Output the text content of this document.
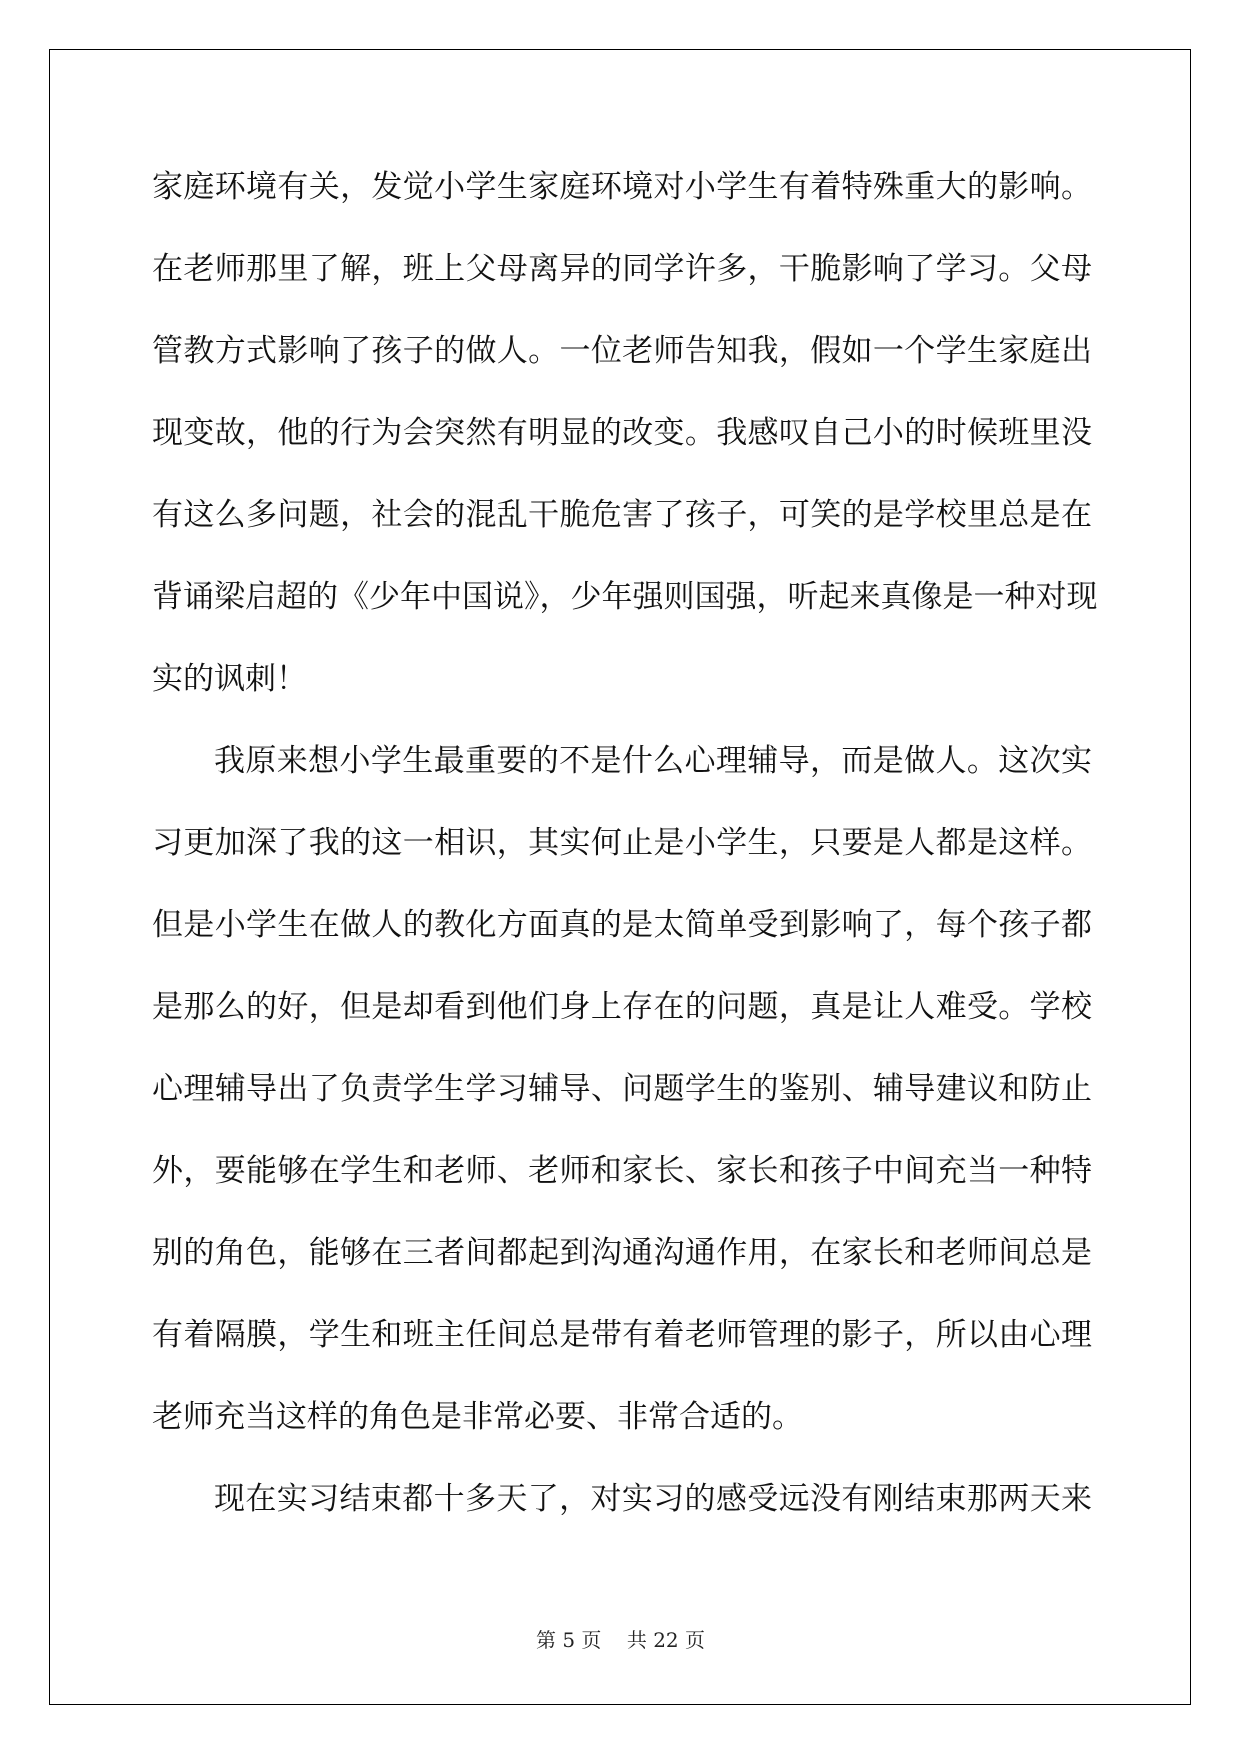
家庭环境有关，发觉小学生家庭环境对小学生有着特殊重大的影响。
在老师那里了解，班上父母离异的同学许多，干脆影响了学习。父母
管教方式影响了孩子的做人。一位老师告知我，假如一个学生家庭出
现变故，他的行为会突然有明显的改变。我感叹自己小的时候班里没
有这么多问题，社会的混乱干脆危害了孩子，可笑的是学校里总是在
背诵梁启超的《少年中国说》，少年强则国强，听起来真像是一种对现
实的讽刺！
我原来想小学生最重要的不是什么心理辅导，而是做人。这次实
习更加深了我的这一相识，其实何止是小学生，只要是人都是这样。
但是小学生在做人的教化方面真的是太简单受到影响了，每个孩子都
是那么的好，但是却看到他们身上存在的问题，真是让人难受。学校
心理辅导出了负责学生学习辅导、问题学生的鉴别、辅导建议和防止
外，要能够在学生和老师、老师和家长、家长和孩子中间充当一种特
别的角色，能够在三者间都起到沟通沟通作用，在家长和老师间总是
有着隔膜，学生和班主任间总是带有着老师管理的影子，所以由心理
老师充当这样的角色是非常必要、非常合适的。
现在实习结束都十多天了，对实习的感受远没有刚结束那两天来
第 5 页    共 22 页
